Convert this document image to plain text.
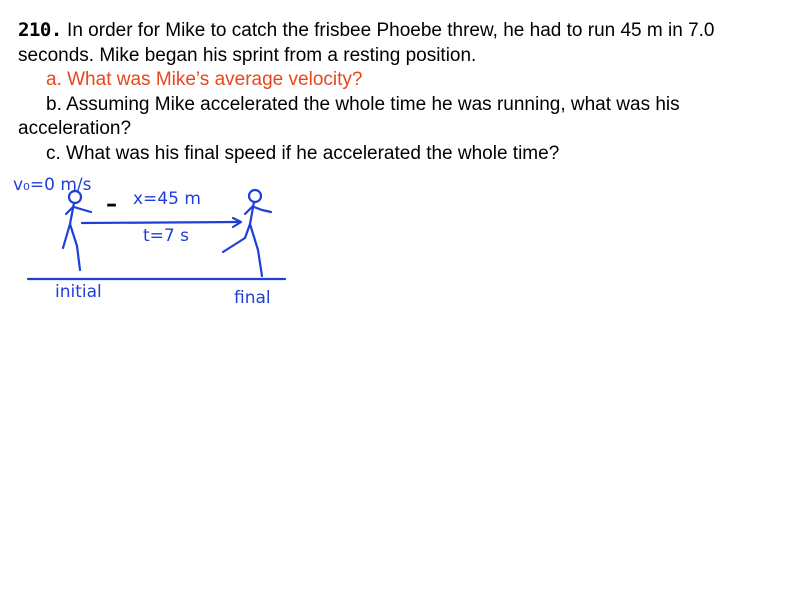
210. In order for Mike to catch the frisbee Phoebe threw, he had to run 45 m in 7.0

seconds. Mike began his sprint from a resting position.

a. What was Mike’s average velocity?

b. Assuming Mike accelerated the whole time he was running, what was his

acceleration?

c. What was his final speed if he accelerated the whole time?

v₀=0 m/s
– x=45 m
t=7 s
initial	final
